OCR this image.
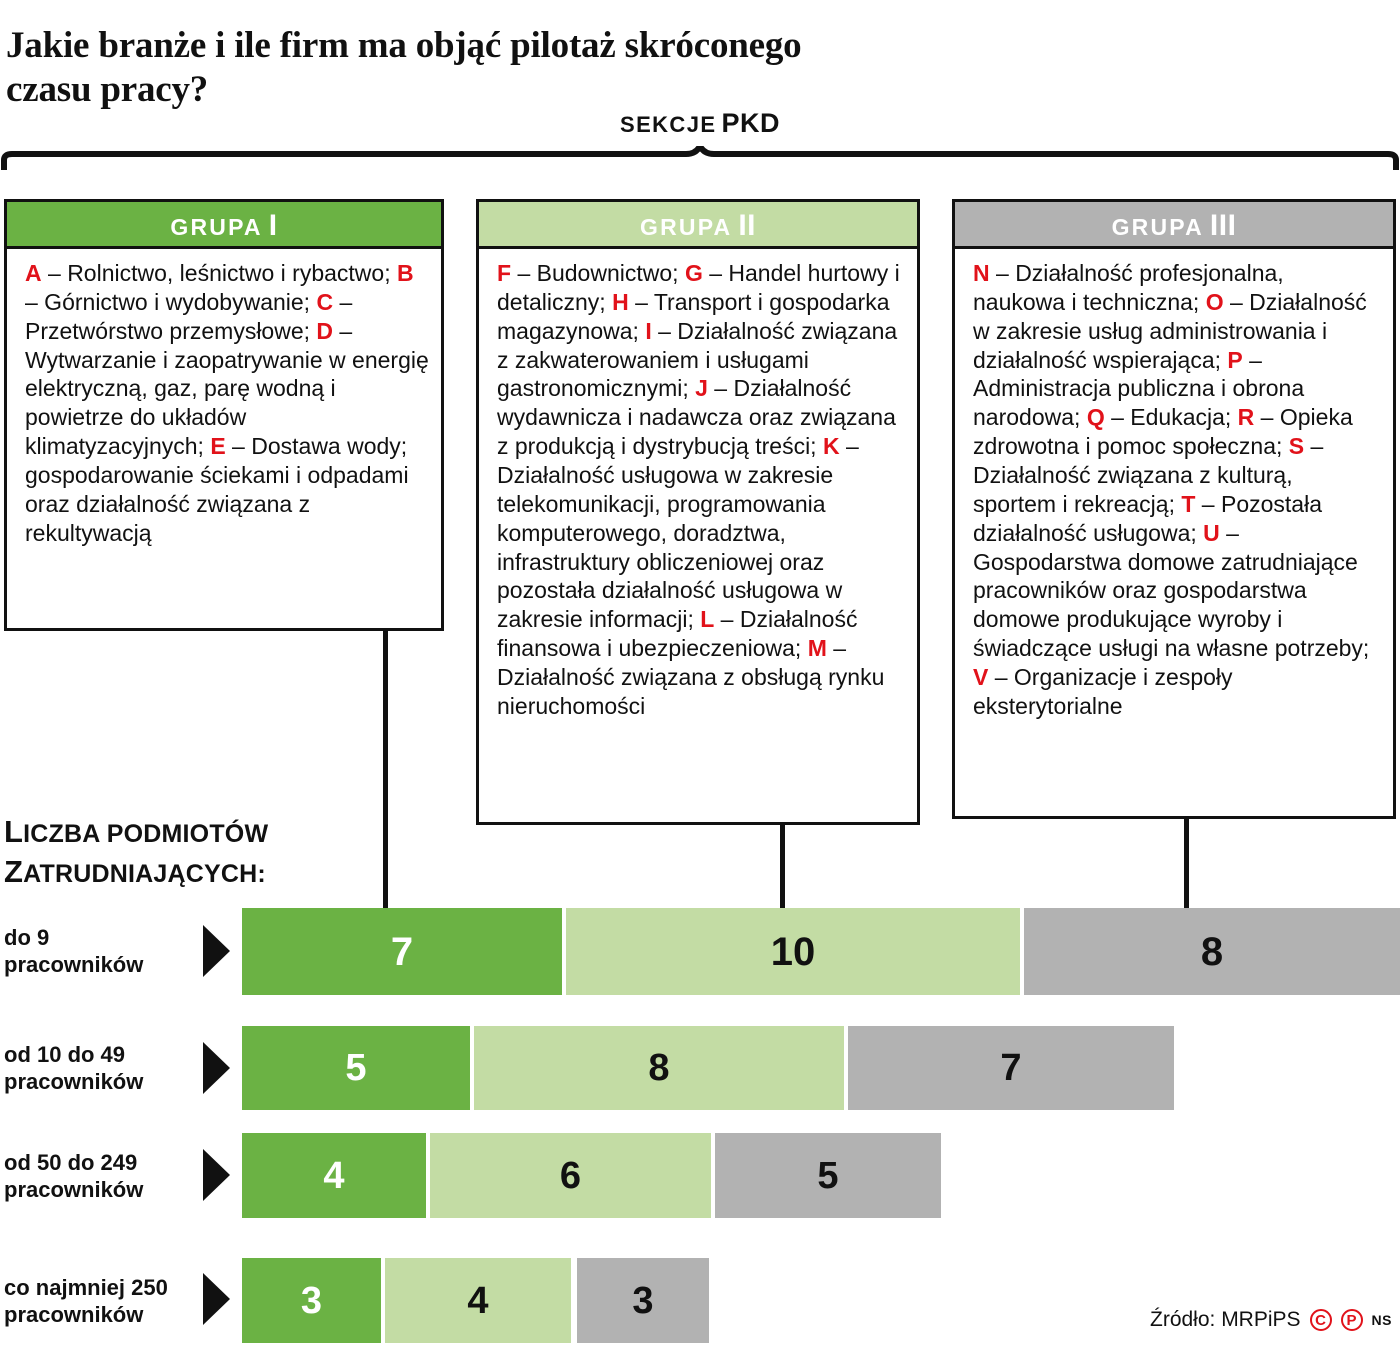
Jakie branże i ile firm ma objąć pilotaż skróconego
czasu pracy?
SEKCJE PKD
GRUPA I
A – Rolnictwo, leśnictwo i rybactwo; B – Górnictwo i wydobywanie; C – Przetwórstwo przemysłowe; D – Wytwarzanie i zaopatrywanie w energię elektryczną, gaz, parę wodną i powietrze do układów klimatyzacyjnych; E – Dostawa wody; gospodarowanie ściekami i odpadami oraz działalność związana z rekultywacją
GRUPA II
F – Budownictwo; G – Handel hurtowy i detaliczny; H – Transport i gospodarka magazynowa; I – Działalność związana z zakwaterowaniem i usługami gastronomicznymi; J – Działalność wydawnicza i nadawcza oraz związana z produkcją i dystrybucją treści; K – Działalność usługowa w zakresie telekomunikacji, programowania komputerowego, doradztwa, infrastruktury obliczeniowej oraz pozostała działalność usługowa w zakresie informacji; L – Działalność finansowa i ubezpieczeniowa; M – Działalność związana z obsługą rynku nieruchomości
GRUPA III
N – Działalność profesjonalna, naukowa i techniczna; O – Działalność w zakresie usług administrowania i działalność wspierająca; P – Administracja publiczna i obrona narodowa; Q – Edukacja; R – Opieka zdrowotna i pomoc społeczna; S – Działalność związana z kulturą, sportem i rekreacją; T – Pozostała działalność usługowa; U – Gospodarstwa domowe zatrudniające pracowników oraz gospodarstwa domowe produkujące wyroby i świadczące usługi na własne potrzeby; V – Organizacje i zespoły eksterytorialne
LICZBA PODMIOTÓW
ZATRUDNIAJĄCYCH:
do 9
pracowników	7	10	8
od 10 do 49
pracowników	5	8	7
od 50 do 249
pracowników	4	6	5
co najmniej 250
pracowników	3	4	3	Źródło: MRPiPS C	P	NS
